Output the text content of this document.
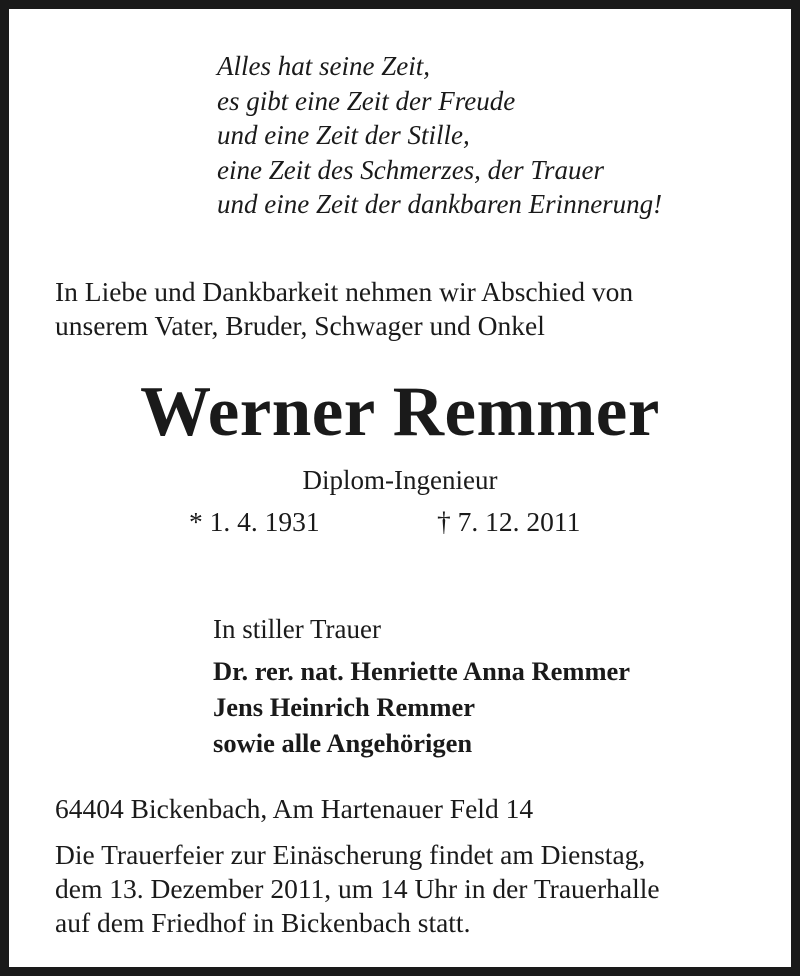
Alles hat seine Zeit,
es gibt eine Zeit der Freude
und eine Zeit der Stille,
eine Zeit des Schmerzes, der Trauer
und eine Zeit der dankbaren Erinnerung!
In Liebe und Dankbarkeit nehmen wir Abschied von
unserem Vater, Bruder, Schwager und Onkel
Werner Remmer
Diplom-Ingenieur
* 1. 4. 1931	† 7. 12. 2011
In stiller Trauer
Dr. rer. nat. Henriette Anna Remmer
Jens Heinrich Remmer
sowie alle Angehörigen
64404 Bickenbach, Am Hartenauer Feld 14
Die Trauerfeier zur Einäscherung findet am Dienstag,
dem 13. Dezember 2011, um 14 Uhr in der Trauerhalle
auf dem Friedhof in Bickenbach statt.
